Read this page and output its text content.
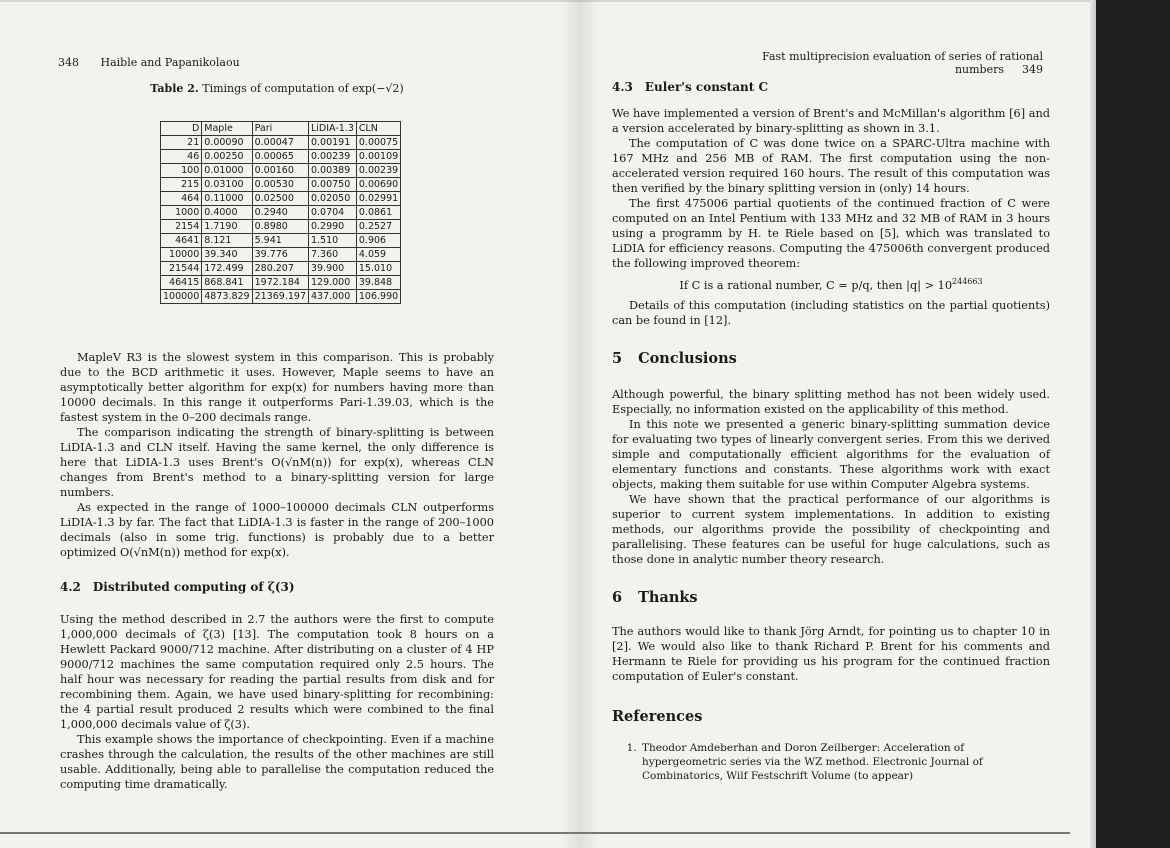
348 Haible and Papanikolaou	Fast multiprecision evaluation of series of rational numbers 349
Table 2. Timings of computation of exp(−√2)
D	Maple	Pari	LiDIA-1.3	CLN
21	0.00090	0.00047	0.00191	0.00075
46	0.00250	0.00065	0.00239	0.00109
100	0.01000	0.00160	0.00389	0.00239
215	0.03100	0.00530	0.00750	0.00690
464	0.11000	0.02500	0.02050	0.02991
1000	0.4000	0.2940	0.0704	0.0861
2154	1.7190	0.8980	0.2990	0.2527
4641	8.121	5.941	1.510	0.906
10000	39.340	39.776	7.360	4.059
21544	172.499	280.207	39.900	15.010
46415	868.841	1972.184	129.000	39.848
100000	4873.829	21369.197	437.000	106.990

MapleV R3 is the slowest system in this comparison. This is probably due to the BCD arithmetic it uses. However, Maple seems to have an asymptotically better algorithm for exp(x) for numbers having more than 10000 decimals. In this range it outperforms Pari-1.39.03, which is the fastest system in the 0–200 decimals range.

The comparison indicating the strength of binary-splitting is between LiDIA-1.3 and CLN itself. Having the same kernel, the only difference is here that LiDIA-1.3 uses Brent's O(√nM(n)) for exp(x), whereas CLN changes from Brent's method to a binary-splitting version for large numbers.

As expected in the range of 1000–100000 decimals CLN outperforms LiDIA-1.3 by far. The fact that LiDIA-1.3 is faster in the range of 200–1000 decimals (also in some trig. functions) is probably due to a better optimized O(√nM(n)) method for exp(x).

4.2 Distributed computing of ζ(3)

Using the method described in 2.7 the authors were the first to compute 1,000,000 decimals of ζ(3) [13]. The computation took 8 hours on a Hewlett Packard 9000/712 machine. After distributing on a cluster of 4 HP 9000/712 machines the same computation required only 2.5 hours. The half hour was necessary for reading the partial results from disk and for recombining them. Again, we have used binary-splitting for recombining: the 4 partial result produced 2 results which were combined to the final 1,000,000 decimals value of ζ(3).

This example shows the importance of checkpointing. Even if a machine crashes through the calculation, the results of the other machines are still usable. Additionally, being able to parallelise the computation reduced the computing time dramatically.

4.3 Euler's constant C

We have implemented a version of Brent's and McMillan's algorithm [6] and a version accelerated by binary-splitting as shown in 3.1.

The computation of C was done twice on a SPARC-Ultra machine with 167 MHz and 256 MB of RAM. The first computation using the non-accelerated version required 160 hours. The result of this computation was then verified by the binary splitting version in (only) 14 hours.

The first 475006 partial quotients of the continued fraction of C were computed on an Intel Pentium with 133 MHz and 32 MB of RAM in 3 hours using a programm by H. te Riele based on [5], which was translated to LiDIA for efficiency reasons. Computing the 475006th convergent produced the following improved theorem:

If C is a rational number, C = p/q, then $|q| > 10^{244663}$

Details of this computation (including statistics on the partial quotients) can be found in [12].

5 Conclusions

Although powerful, the binary splitting method has not been widely used. Especially, no information existed on the applicability of this method.

In this note we presented a generic binary-splitting summation device for evaluating two types of linearly convergent series. From this we derived simple and computationally efficient algorithms for the evaluation of elementary functions and constants. These algorithms work with exact objects, making them suitable for use within Computer Algebra systems.

We have shown that the practical performance of our algorithms is superior to current system implementations. In addition to existing methods, our algorithms provide the possibility of checkpointing and parallelising. These features can be useful for huge calculations, such as those done in analytic number theory research.

6 Thanks

The authors would like to thank Jörg Arndt, for pointing us to chapter 10 in [2]. We would also like to thank Richard P. Brent for his comments and Hermann te Riele for providing us his program for the continued fraction computation of Euler's constant.

References
1. Theodor Amdeberhan and Doron Zeilberger: Acceleration of hypergeometric series via the WZ method. Electronic Journal of Combinatorics, Wilf Festschrift Volume (to appear)
